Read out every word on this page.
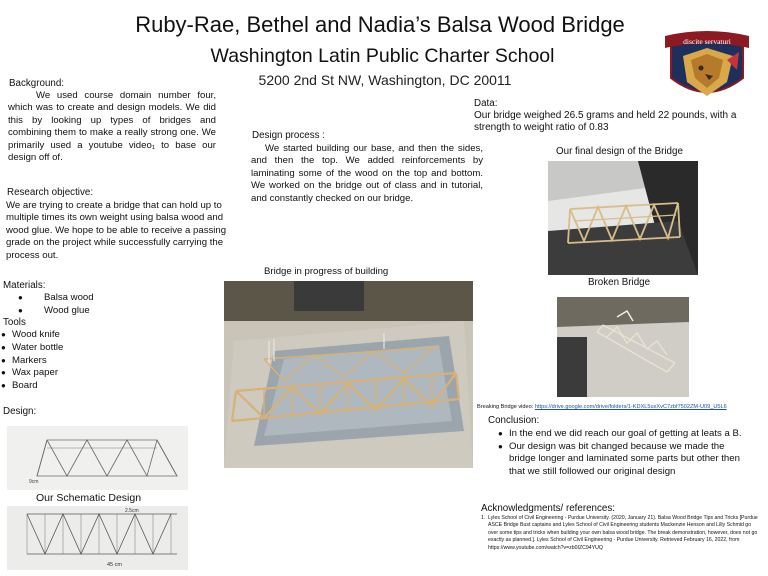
Ruby-Rae, Bethel and Nadia’s Balsa Wood Bridge
Washington Latin Public Charter School
5200 2nd St NW, Washington, DC 20011
discite servaturi
Background:
We used course domain number four, which was to create and design models. We did this by looking up types of bridges and combining them to make a really strong one. We primarily used a youtube video₁ to base our design off of.
Research objective:
We are trying to create a bridge that can hold up to multiple times its own weight using balsa wood and wood glue. We hope to be able to receive a passing grade on the project while successfully carrying the process out.
Materials:
● Balsa wood
● Wood glue
Tools
● Wood knife
● Water bottle
● Markers
● Wax paper
● Board
Design:
9cm
Our Schematic Design
45 cm
2.5cm
Design process :
We started building our base, and then the sides, and then the top. We added reinforcements by laminating some of the wood on the top and bottom. We worked on the bridge out of class and in tutorial, and constantly checked on our bridge.
Bridge in progress of building
Data:
Our bridge weighed 26.5 grams and held 22 pounds, with a strength to weight ratio of 0.83
Our final design of the Bridge
Broken Bridge
Breaking Bridge video: https://drive.google.com/drive/folders/1-KDXL5uxXvC7zbf7502ZM-U09_U5L6
Conclusion:
● In the end we did reach our goal of getting at leats a B.
● Our design was bit changed because we made the bridge longer and laminated some parts but other then that we still followed our original design
Acknowledgments/ references:
1. Lyles School of Civil Engineering - Purdue University. (2020, January 21). Balsa Wood Bridge Tips and Tricks [Purdue ASCE Bridge Bust captains and Lyles School of Civil Engineering students Mackenzie Henson and Lilly Schmid go over some tips and tricks when building your own balsa wood bridge. The break demonstration, however, does not go exactly as planned.]. Lyles School of Civil Engineering - Purdue University. Retrieved February 16, 2022, from https://www.youtube.com/watch?v=zb0IZC94YUQ
